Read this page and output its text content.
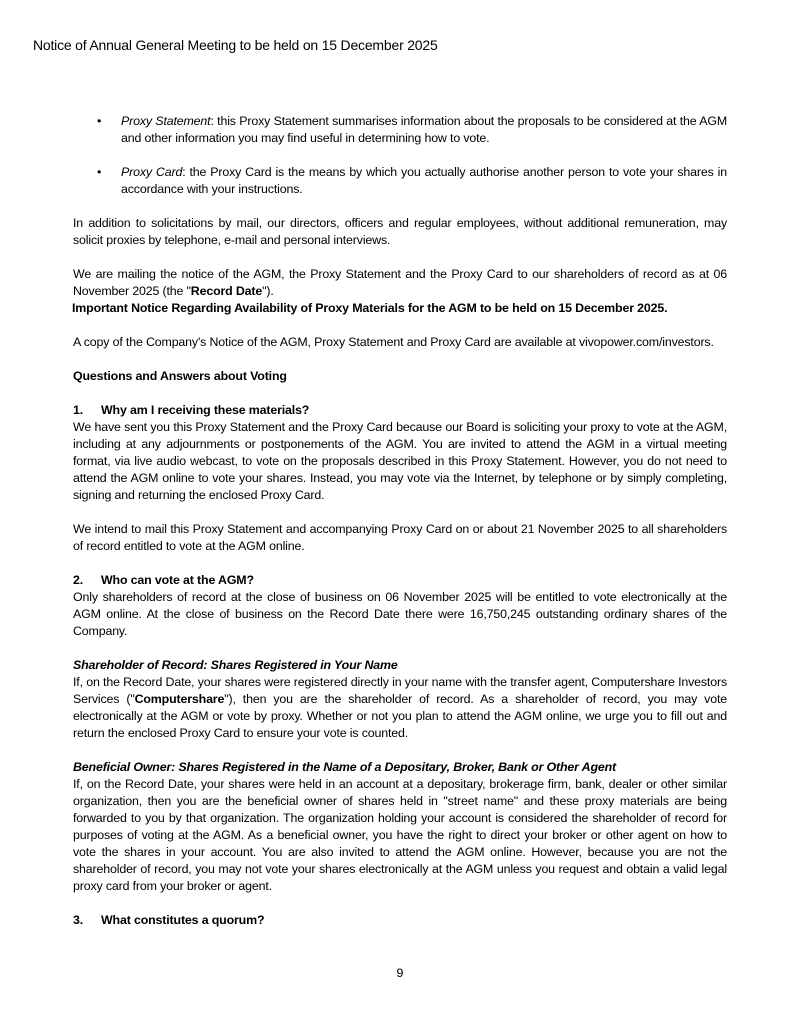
Notice of Annual General Meeting to be held on 15 December 2025

• Proxy Statement: this Proxy Statement summarises information about the proposals to be considered at the AGM and other information you may find useful in determining how to vote.

• Proxy Card: the Proxy Card is the means by which you actually authorise another person to vote your shares in accordance with your instructions.

In addition to solicitations by mail, our directors, officers and regular employees, without additional remuneration, may solicit proxies by telephone, e-mail and personal interviews.

We are mailing the notice of the AGM, the Proxy Statement and the Proxy Card to our shareholders of record as at 06 November 2025 (the "Record Date").

Important Notice Regarding Availability of Proxy Materials for the AGM to be held on 15 December 2025.

A copy of the Company's Notice of the AGM, Proxy Statement and Proxy Card are available at vivopower.com/investors.

Questions and Answers about Voting

1. Why am I receiving these materials?

We have sent you this Proxy Statement and the Proxy Card because our Board is soliciting your proxy to vote at the AGM, including at any adjournments or postponements of the AGM. You are invited to attend the AGM in a virtual meeting format, via live audio webcast, to vote on the proposals described in this Proxy Statement. However, you do not need to attend the AGM online to vote your shares. Instead, you may vote via the Internet, by telephone or by simply completing, signing and returning the enclosed Proxy Card.

We intend to mail this Proxy Statement and accompanying Proxy Card on or about 21 November 2025 to all shareholders of record entitled to vote at the AGM online.

2. Who can vote at the AGM?

Only shareholders of record at the close of business on 06 November 2025 will be entitled to vote electronically at the AGM online. At the close of business on the Record Date there were 16,750,245 outstanding ordinary shares of the Company.

Shareholder of Record: Shares Registered in Your Name

If, on the Record Date, your shares were registered directly in your name with the transfer agent, Computershare Investors Services ("Computershare"), then you are the shareholder of record. As a shareholder of record, you may vote electronically at the AGM or vote by proxy. Whether or not you plan to attend the AGM online, we urge you to fill out and return the enclosed Proxy Card to ensure your vote is counted.

Beneficial Owner: Shares Registered in the Name of a Depositary, Broker, Bank or Other Agent

If, on the Record Date, your shares were held in an account at a depositary, brokerage firm, bank, dealer or other similar organization, then you are the beneficial owner of shares held in "street name" and these proxy materials are being forwarded to you by that organization. The organization holding your account is considered the shareholder of record for purposes of voting at the AGM. As a beneficial owner, you have the right to direct your broker or other agent on how to vote the shares in your account. You are also invited to attend the AGM online. However, because you are not the shareholder of record, you may not vote your shares electronically at the AGM unless you request and obtain a valid legal proxy card from your broker or agent.

3. What constitutes a quorum?

9
